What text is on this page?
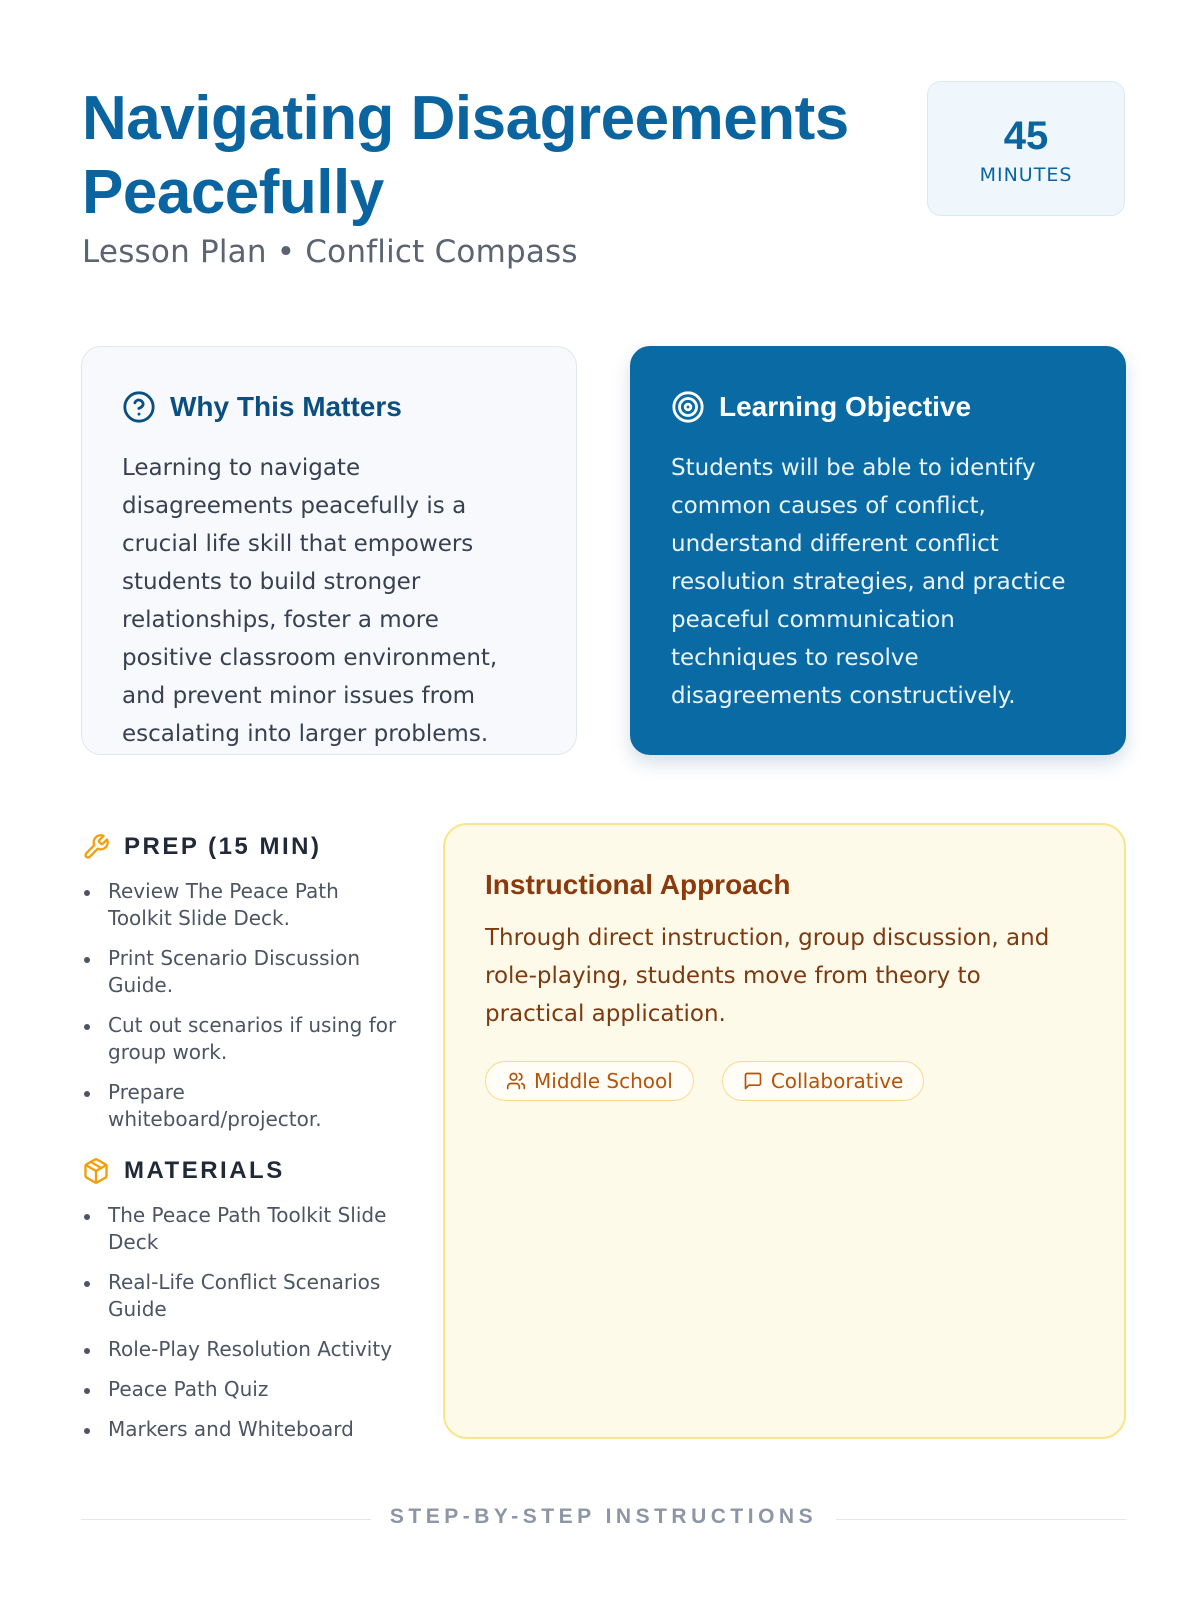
Navigating Disagreements Peacefully
Lesson Plan • Conflict Compass
45
MINUTES
Why This Matters
Learning to navigate disagreements peacefully is a crucial life skill that empowers students to build stronger relationships, foster a more positive classroom environment, and prevent minor issues from escalating into larger problems.
Learning Objective
Students will be able to identify common causes of conflict, understand different conflict resolution strategies, and practice peaceful communication techniques to resolve disagreements constructively.
PREP (15 MIN)
Review The Peace Path Toolkit Slide Deck.
Print Scenario Discussion Guide.
Cut out scenarios if using for group work.
Prepare whiteboard/projector.
MATERIALS
The Peace Path Toolkit Slide Deck
Real-Life Conflict Scenarios Guide
Role-Play Resolution Activity
Peace Path Quiz
Markers and Whiteboard
Instructional Approach
Through direct instruction, group discussion, and role-playing, students move from theory to practical application.
Middle School	Collaborative
STEP-BY-STEP INSTRUCTIONS
